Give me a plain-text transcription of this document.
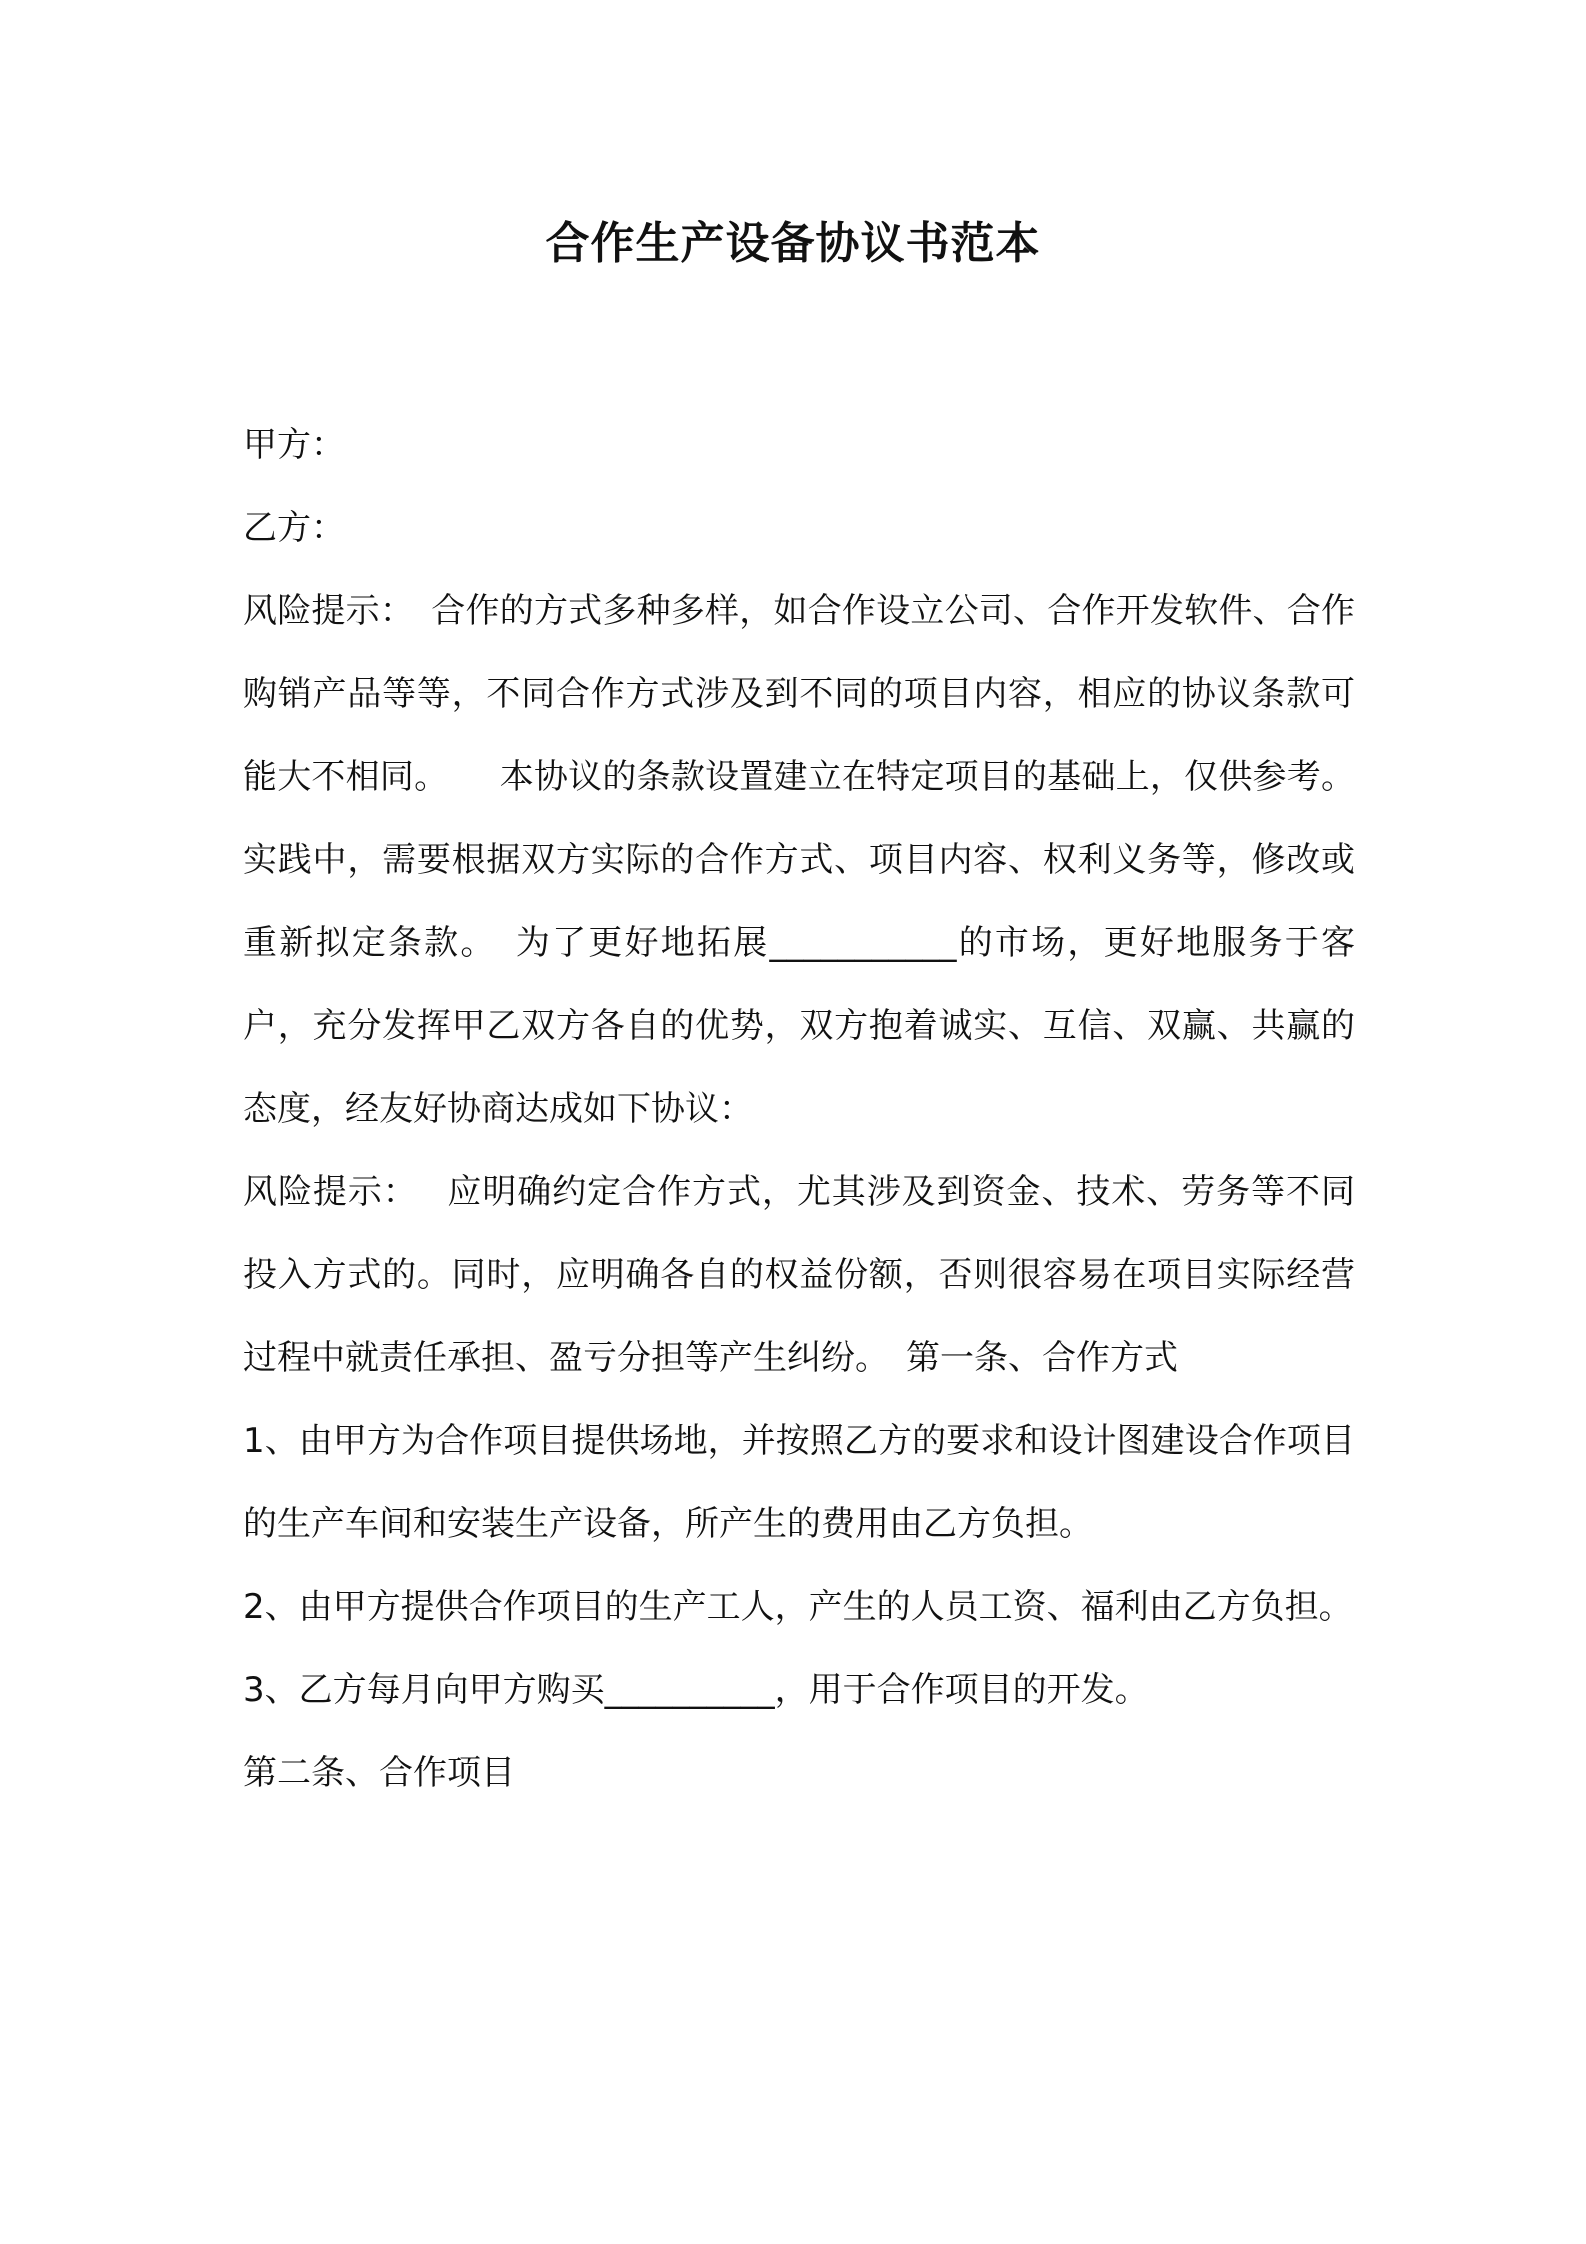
合作生产设备协议书范本

甲方：

乙方：

风险提示：　合作的方式多种多样，如合作设立公司、合作开发软件、合作购销产品等等，不同合作方式涉及到不同的项目内容，相应的协议条款可能大不相同。　　本协议的条款设置建立在特定项目的基础上，仅供参考。实践中，需要根据双方实际的合作方式、项目内容、权利义务等，修改或重新拟定条款。　为了更好地拓展___________的市场，更好地服务于客户，充分发挥甲乙双方各自的优势，双方抱着诚实、互信、双赢、共赢的态度，经友好协商达成如下协议：

风险提示：　 应明确约定合作方式，尤其涉及到资金、技术、劳务等不同投入方式的。同时，应明确各自的权益份额，否则很容易在项目实际经营过程中就责任承担、盈亏分担等产生纠纷。　第一条、合作方式

1、由甲方为合作项目提供场地，并按照乙方的要求和设计图建设合作项目的生产车间和安装生产设备，所产生的费用由乙方负担。

2、由甲方提供合作项目的生产工人，产生的人员工资、福利由乙方负担。

3、乙方每月向甲方购买__________，用于合作项目的开发。

第二条、合作项目
